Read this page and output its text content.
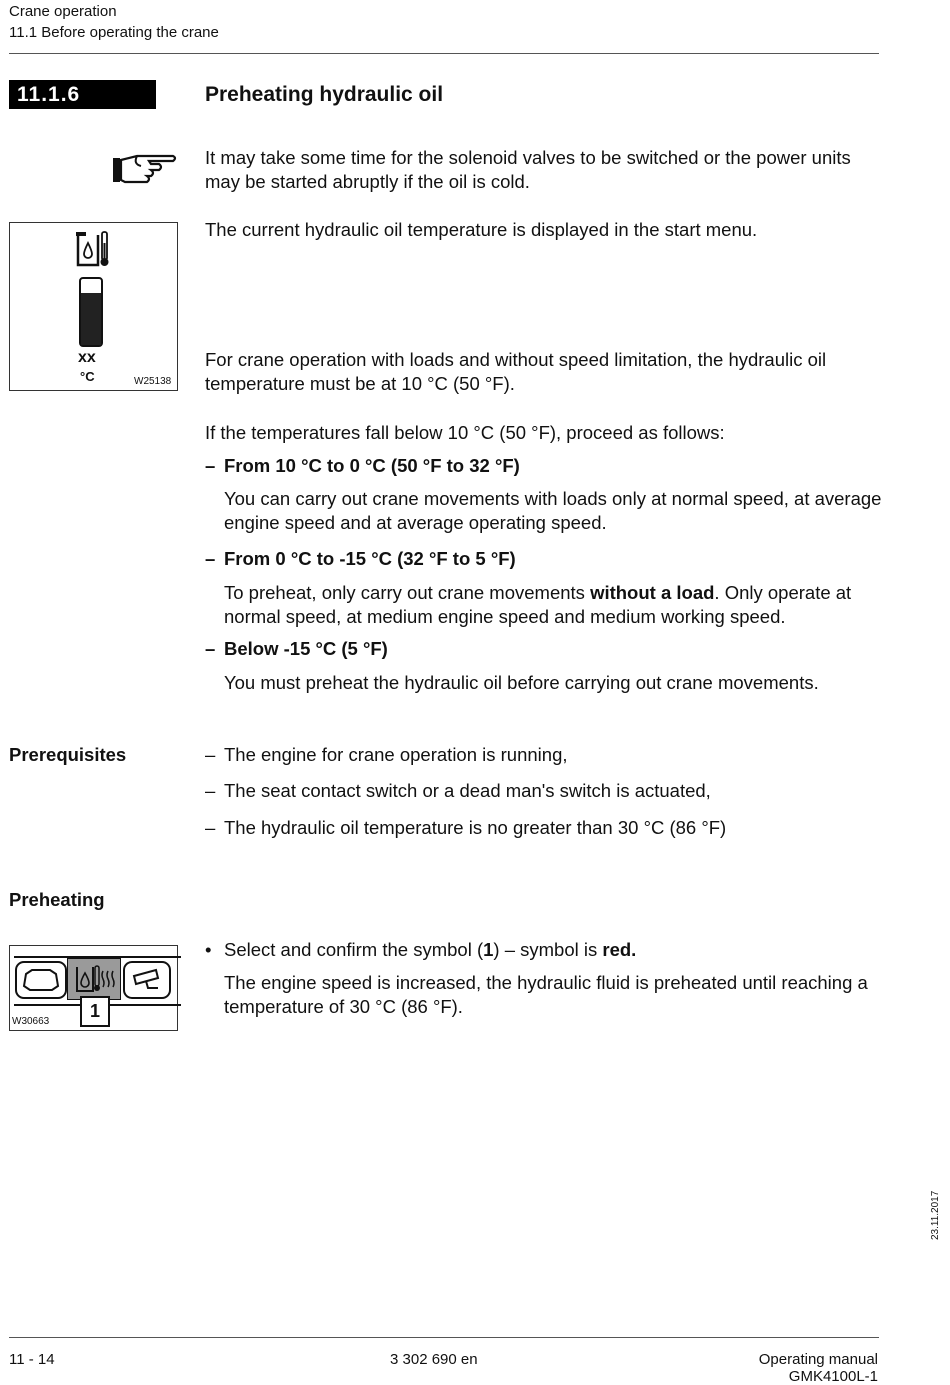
Crane operation
11.1 Before operating the crane
11.1.6	Preheating hydraulic oil
It may take some time for the solenoid valves to be switched or the power units may be started abruptly if the oil is cold.
The current hydraulic oil temperature is displayed in the start menu.
xx
°C	W25138
For crane operation with loads and without speed limitation, the hydraulic oil temperature must be at 10 °C (50 °F).
If the temperatures fall below 10 °C (50 °F), proceed as follows:
– From 10 °C to 0 °C (50 °F to 32 °F)
You can carry out crane movements with loads only at normal speed, at average engine speed and at average operating speed.
– From 0 °C to -15 °C (32 °F to 5 °F)
To preheat, only carry out crane movements without a load. Only operate at normal speed, at medium engine speed and medium working speed.
– Below -15 °C (5 °F)
You must preheat the hydraulic oil before carrying out crane movements.
Prerequisites	– The engine for crane operation is running,
– The seat contact switch or a dead man's switch is actuated,
– The hydraulic oil temperature is no greater than 30 °C (86 °F)
Preheating
1
W30663
• Select and confirm the symbol (1) – symbol is red.
The engine speed is increased, the hydraulic fluid is preheated until reaching a temperature of 30 °C (86 °F).
23.11.2017
11 - 14	3 302 690 en	Operating manual
GMK4100L-1
